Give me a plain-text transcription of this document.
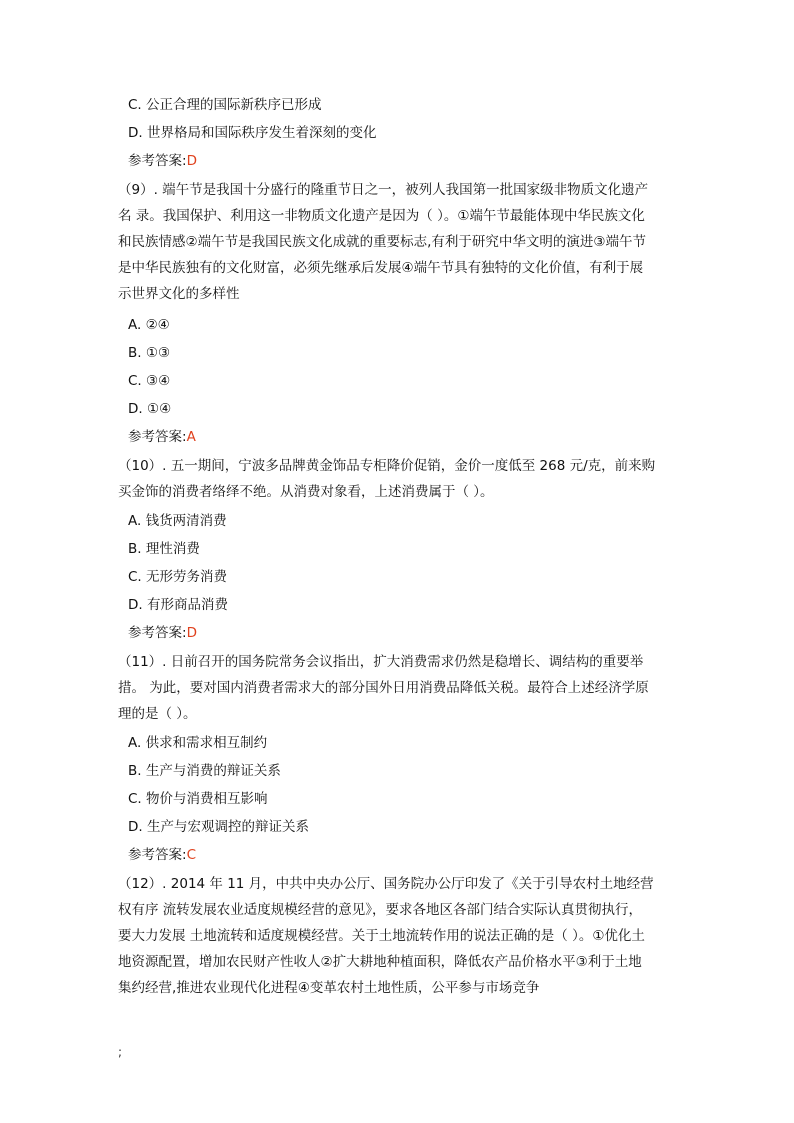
C. 公正合理的国际新秩序已形成
D. 世界格局和国际秩序发生着深刻的变化
参考答案:D
（9）. 端午节是我国十分盛行的隆重节日之一，被列人我国第一批国家级非物质文化遗产
名 录。我国保护、利用这一非物质文化遗产是因为（ ）。①端午节最能体现中华民族文化
和民族情感②端午节是我国民族文化成就的重要标志,有利于研究中华文明的演进③端午节
是中华民族独有的文化财富，必须先继承后发展④端午节具有独特的文化价值，有利于展
示世界文化的多样性
A. ②④
B. ①③
C. ③④
D. ①④
参考答案:A
（10）. 五一期间，宁波多品牌黄金饰品专柜降价促销，金价一度低至 268 元/克，前来购
买金饰的消费者络绎不绝。从消费对象看，上述消费属于（ ）。
A. 钱货两清消费
B. 理性消费
C. 无形劳务消费
D. 有形商品消费
参考答案:D
（11）. 日前召开的国务院常务会议指出，扩大消费需求仍然是稳增长、调结构的重要举
措。 为此，要对国内消费者需求大的部分国外日用消费品降低关税。最符合上述经济学原
理的是（ ）。
A. 供求和需求相互制约
B. 生产与消费的辩证关系
C. 物价与消费相互影响
D. 生产与宏观调控的辩证关系
参考答案:C
（12）. 2014 年 11 月，中共中央办公厅、国务院办公厅印发了《关于引导农村土地经营
权有序 流转发展农业适度规模经营的意见》，要求各地区各部门结合实际认真贯彻执行，
要大力发展 土地流转和适度规模经营。关于土地流转作用的说法正确的是（ ）。①优化土
地资源配置，增加农民财产性收人②扩大耕地种植面积，降低农产品价格水平③利于土地
集约经营,推进农业现代化进程④变革农村土地性质，公平参与市场竞争
;
